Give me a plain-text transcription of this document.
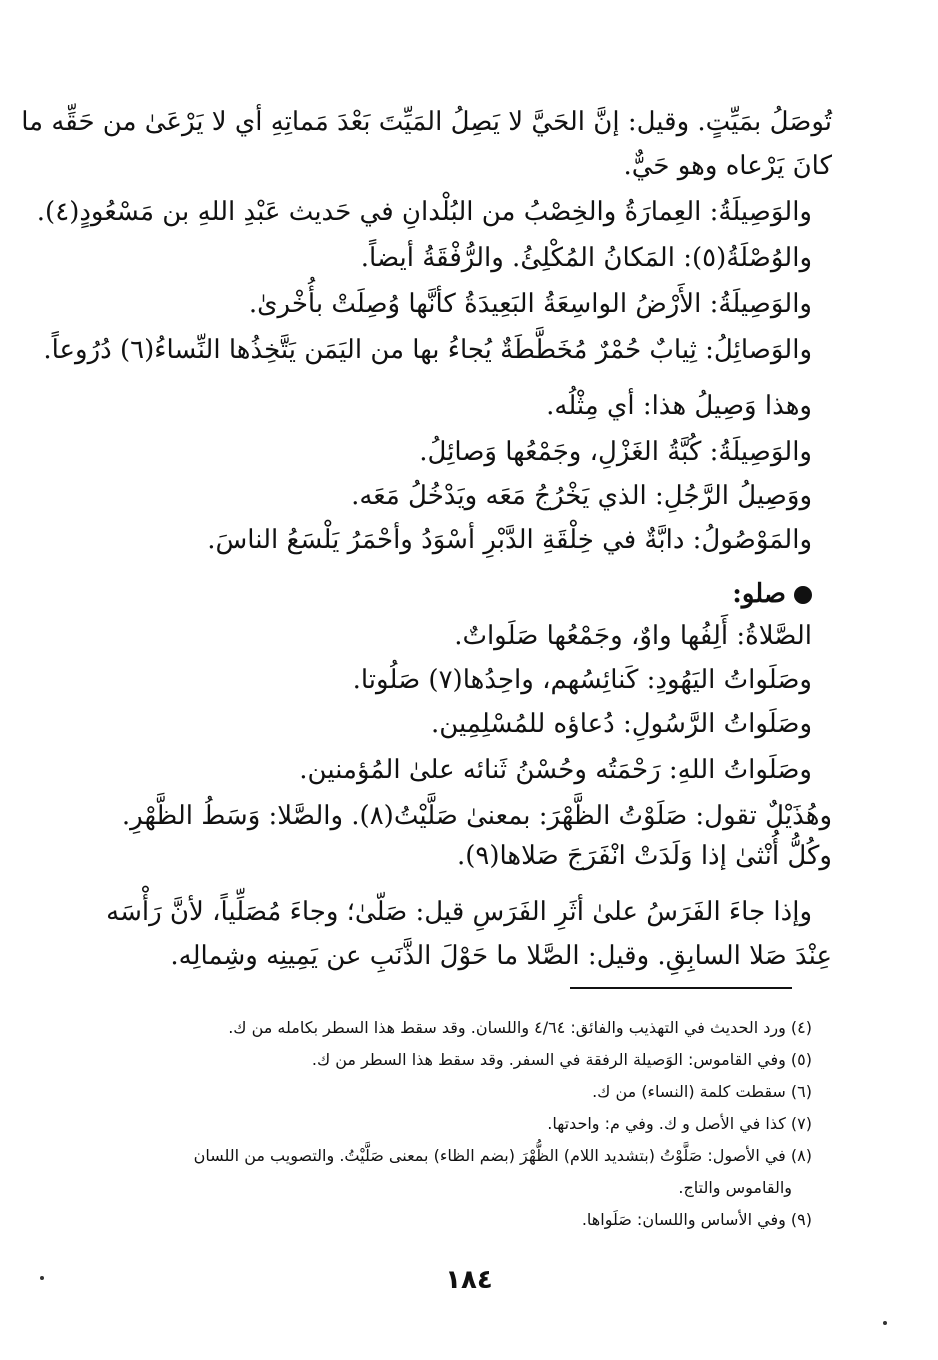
تُوصَلُ بمَيِّتٍ. وقيل: إنَّ الحَيَّ لا يَصِلُ المَيِّتَ بَعْدَ مَماتِهِ أي لا يَرْعَىٰ من حَقِّه ما
كانَ يَرْعاه وهو حَيٌّ.
والوَصِيلَةُ: العِمارَةُ والخِصْبُ من البُلْدانِ في حَديث عَبْدِ اللهِ بن مَسْعُودٍ(٤).
والوُصْلَةُ(٥): المَكانُ المُكْلِئُ. والرُّفْقَةُ أيضاً.
والوَصِيلَةُ: الأَرْضُ الواسِعَةُ البَعِيدَةُ كأنَّها وُصِلَتْ بأُخْرىٰ.
والوَصائِلُ: ثِيابٌ حُمْرٌ مُخَطَّطَةٌ يُجاءُ بها من اليَمَن يَتَّخِذُها النِّساءُ(٦) دُرُوعاً.
وهذا وَصِيلُ هذا: أي مِثْلُه.
والوَصِيلَةُ: كُبَّةُ الغَزْلِ، وجَمْعُها وَصائِلُ.
ووَصِيلُ الرَّجُلِ: الذي يَخْرُجُ مَعَه ويَدْخُلُ مَعَه.
والمَوْصُولُ: دابَّةٌ في خِلْقَةِ الدَّبْرِ أسْوَدُ وأحْمَرُ يَلْسَعُ الناسَ.
صلو:
الصَّلاةُ: أَلِفُها واوٌ، وجَمْعُها صَلَواتٌ.
وصَلَواتُ اليَهُودِ: كَنائِسُهم، واحِدُها(٧) صَلُوتا.
وصَلَواتُ الرَّسُولِ: دُعاؤه للمُسْلِمِين.
وصَلَواتُ اللهِ: رَحْمَتُه وحُسْنُ ثَنائه علىٰ المُؤمنين.
وهُذَيْلٌ تقول: صَلَوْتُ الظَّهْرَ: بمعنىٰ صَلَّيْتُ(٨). والصَّلا: وَسَطُ الظَّهْرِ.
وكُلُّ أُنْثىٰ إذا وَلَدَتْ انْفَرَجَ صَلاها(٩).
وإذا جاءَ الفَرَسُ علىٰ أثَرِ الفَرَسِ قيل: صَلّىٰ؛ وجاءَ مُصَلِّياً، لأنَّ رَأْسَه
عِنْدَ صَلا السابِقِ. وقيل: الصَّلا ما حَوْلَ الذَّنَبِ عن يَمِينِه وشِمالِه.
(٤) ورد الحديث في التهذيب والفائق: ٤/٦٤ واللسان. وقد سقط هذا السطر بكامله من ك.
(٥) وفي القاموس: الوَصيلة الرفقة في السفر. وقد سقط هذا السطر من ك.
(٦) سقطت كلمة (النساء) من ك.
(٧) كذا في الأصل و ك. وفي م: واحدتها.
(٨) في الأصول: صَلَّوْتُ (بتشديد اللام) الظُّهْرَ (بضم الظاء) بمعنى صَلَّيْتُ. والتصويب من اللسان
والقاموس والتاج.
(٩) وفي الأساس واللسان: صَلَواها.
١٨٤
